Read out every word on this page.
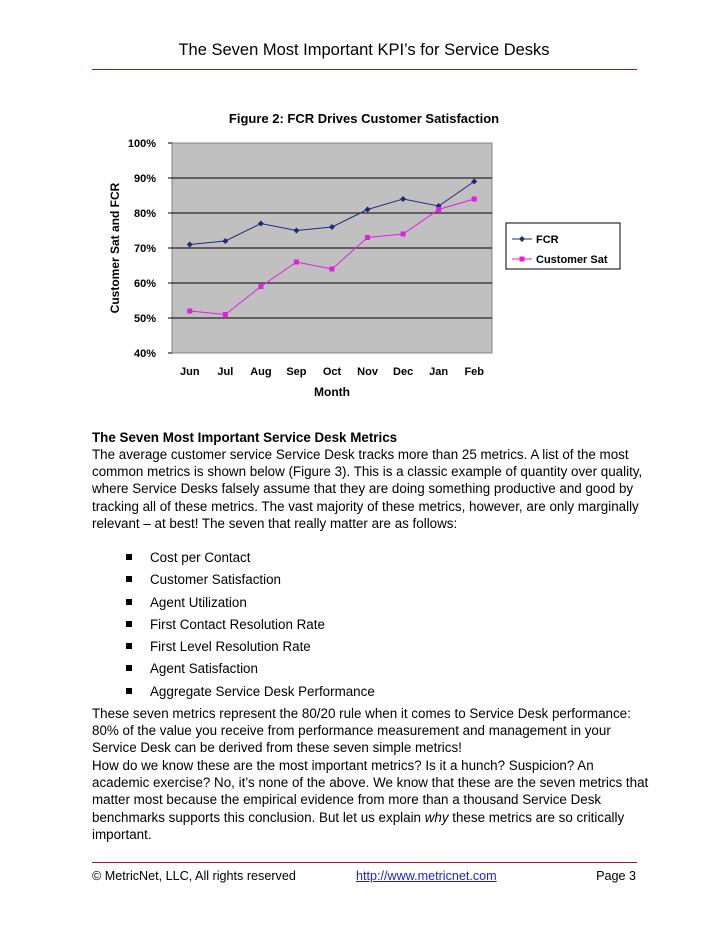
The Seven Most Important KPI’s for Service Desks
Figure 2: FCR Drives Customer Satisfaction
40%
50%
60%
70%
80%
90%
100%
Jun Jul Aug Sep Oct Nov Dec Jan Feb
Month
Customer Sat and FCR	FCR
Customer Sat
The Seven Most Important Service Desk Metrics

The average customer service Service Desk tracks more than 25 metrics. A list of the most common metrics is shown below (Figure 3). This is a classic example of quantity over quality, where Service Desks falsely assume that they are doing something productive and good by tracking all of these metrics. The vast majority of these metrics, however, are only marginally relevant – at best! The seven that really matter are as follows:

Cost per Contact
Customer Satisfaction
Agent Utilization
First Contact Resolution Rate
First Level Resolution Rate
Agent Satisfaction
Aggregate Service Desk Performance

These seven metrics represent the 80/20 rule when it comes to Service Desk performance: 80% of the value you receive from performance measurement and management in your Service Desk can be derived from these seven simple metrics!

How do we know these are the most important metrics? Is it a hunch? Suspicion? An academic exercise? No, it’s none of the above. We know that these are the seven metrics that matter most because the empirical evidence from more than a thousand Service Desk benchmarks supports this conclusion. But let us explain why these metrics are so critically important.

© MetricNet, LLC, All rights reserved	http://www.metricnet.com	Page 3
